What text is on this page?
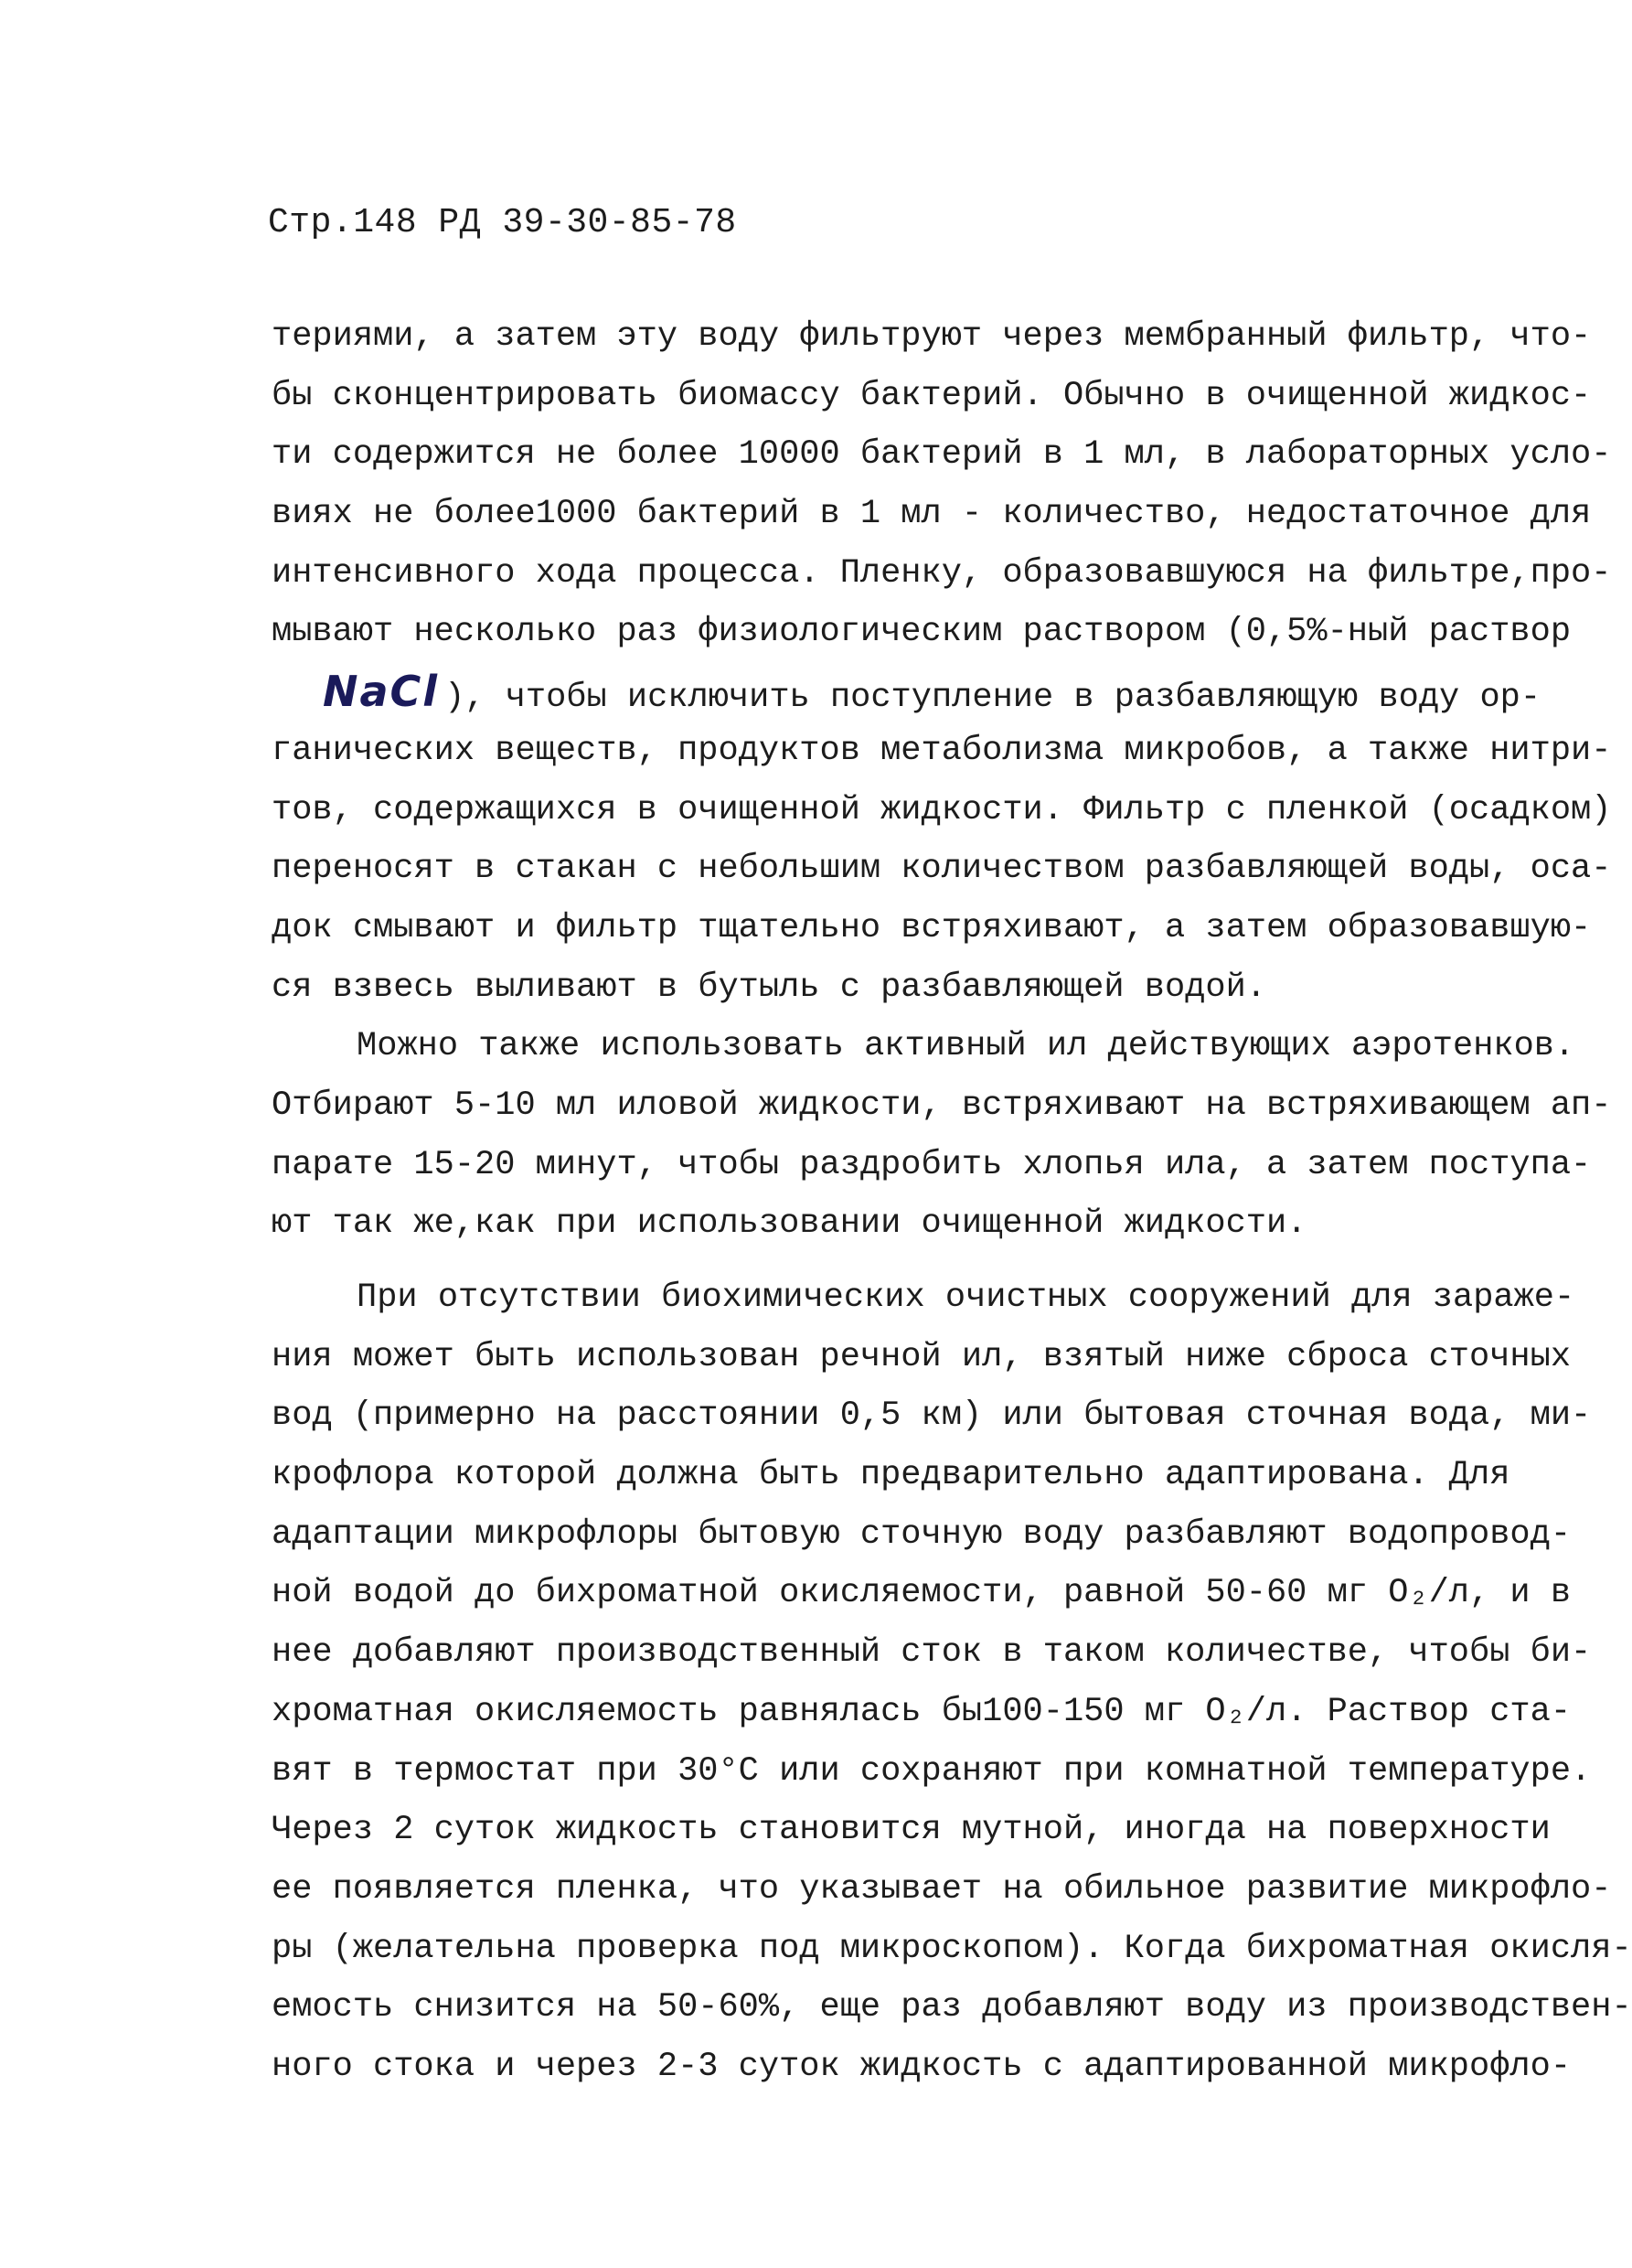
Стр.148 РД 39-30-85-78
териями, а затем эту воду фильтруют через мембранный фильтр, что-
бы сконцентрировать биомассу бактерий. Обычно в очищенной жидкос-
ти содержится не более 10000 бактерий в 1 мл, в лабораторных усло-
виях не более1000 бактерий в 1 мл - количество, недостаточное для
интенсивного хода процесса. Пленку, образовавшуюся на фильтре,про-
мывают несколько раз физиологическим раствором (0,5%-ный раствор
NaCl ), чтобы исключить поступление в разбавляющую воду ор-
ганических веществ, продуктов метаболизма микробов, а также нитри-
тов, содержащихся в очищенной жидкости. Фильтр с пленкой (осадком)
переносят в стакан с небольшим количеством разбавляющей воды, оса-
док смывают и фильтр тщательно встряхивают, а затем образовавшую-
ся взвесь выливают в бутыль с разбавляющей водой.
Можно также использовать активный ил действующих аэротенков.
Отбирают 5-10 мл иловой жидкости, встряхивают на встряхивающем ап-
парате 15-20 минут, чтобы раздробить хлопья ила, а затем поступа-
ют так же,как при использовании очищенной жидкости.
При отсутствии биохимических очистных сооружений для зараже-
ния может быть использован речной ил, взятый ниже сброса сточных
вод (примерно на расстоянии 0,5 км) или бытовая сточная вода, ми-
крофлора которой должна быть предварительно адаптирована. Для
адаптации микрофлоры бытовую сточную воду разбавляют водопровод-
ной водой до бихроматной окисляемости, равной 50-60 мг O₂/л, и в
нее добавляют производственный сток в таком количестве, чтобы би-
хроматная окисляемость равнялась бы100-150 мг O₂/л. Раствор ста-
вят в термостат при 30°С или сохраняют при комнатной температуре.
Через 2 суток жидкость становится мутной, иногда на поверхности
ее появляется пленка, что указывает на обильное развитие микрофло-
ры (желательна проверка под микроскопом). Когда бихроматная окисля-
емость снизится на 50-60%, еще раз добавляют воду из производствен-
ного стока и через 2-3 суток жидкость с адаптированной микрофло-
